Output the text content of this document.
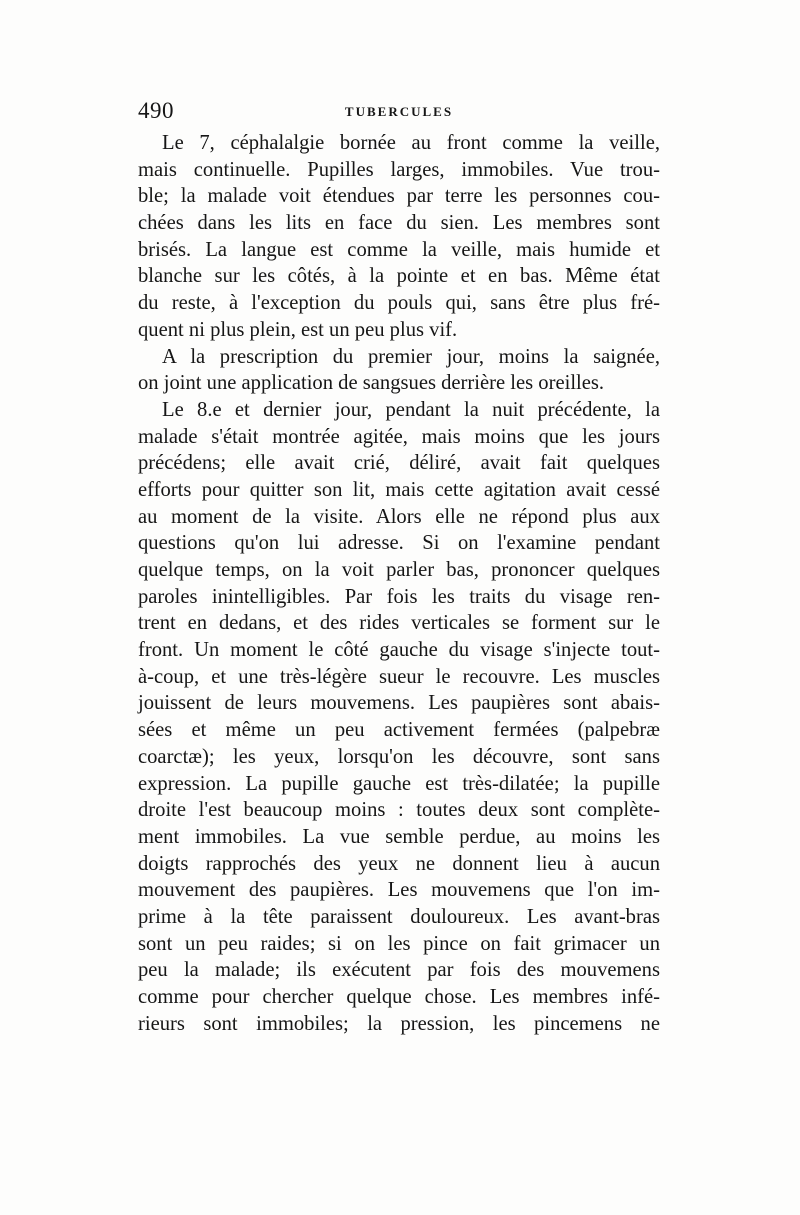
490	TUBERCULES
Le 7, céphalalgie bornée au front comme la veille,
mais continuelle. Pupilles larges, immobiles. Vue trou-
ble; la malade voit étendues par terre les personnes cou-
chées dans les lits en face du sien. Les membres sont
brisés. La langue est comme la veille, mais humide et
blanche sur les côtés, à la pointe et en bas. Même état
du reste, à l'exception du pouls qui, sans être plus fré-
quent ni plus plein, est un peu plus vif.
A la prescription du premier jour, moins la saignée,
on joint une application de sangsues derrière les oreilles.
Le 8.e et dernier jour, pendant la nuit précédente, la
malade s'était montrée agitée, mais moins que les jours
précédens; elle avait crié, déliré, avait fait quelques
efforts pour quitter son lit, mais cette agitation avait cessé
au moment de la visite. Alors elle ne répond plus aux
questions qu'on lui adresse. Si on l'examine pendant
quelque temps, on la voit parler bas, prononcer quelques
paroles inintelligibles. Par fois les traits du visage ren-
trent en dedans, et des rides verticales se forment sur le
front. Un moment le côté gauche du visage s'injecte tout-
à-coup, et une très-légère sueur le recouvre. Les muscles
jouissent de leurs mouvemens. Les paupières sont abais-
sées et même un peu activement fermées (palpebræ
coarctæ); les yeux, lorsqu'on les découvre, sont sans
expression. La pupille gauche est très-dilatée; la pupille
droite l'est beaucoup moins : toutes deux sont complète-
ment immobiles. La vue semble perdue, au moins les
doigts rapprochés des yeux ne donnent lieu à aucun
mouvement des paupières. Les mouvemens que l'on im-
prime à la tête paraissent douloureux. Les avant-bras
sont un peu raides; si on les pince on fait grimacer un
peu la malade; ils exécutent par fois des mouvemens
comme pour chercher quelque chose. Les membres infé-
rieurs sont immobiles; la pression, les pincemens ne
